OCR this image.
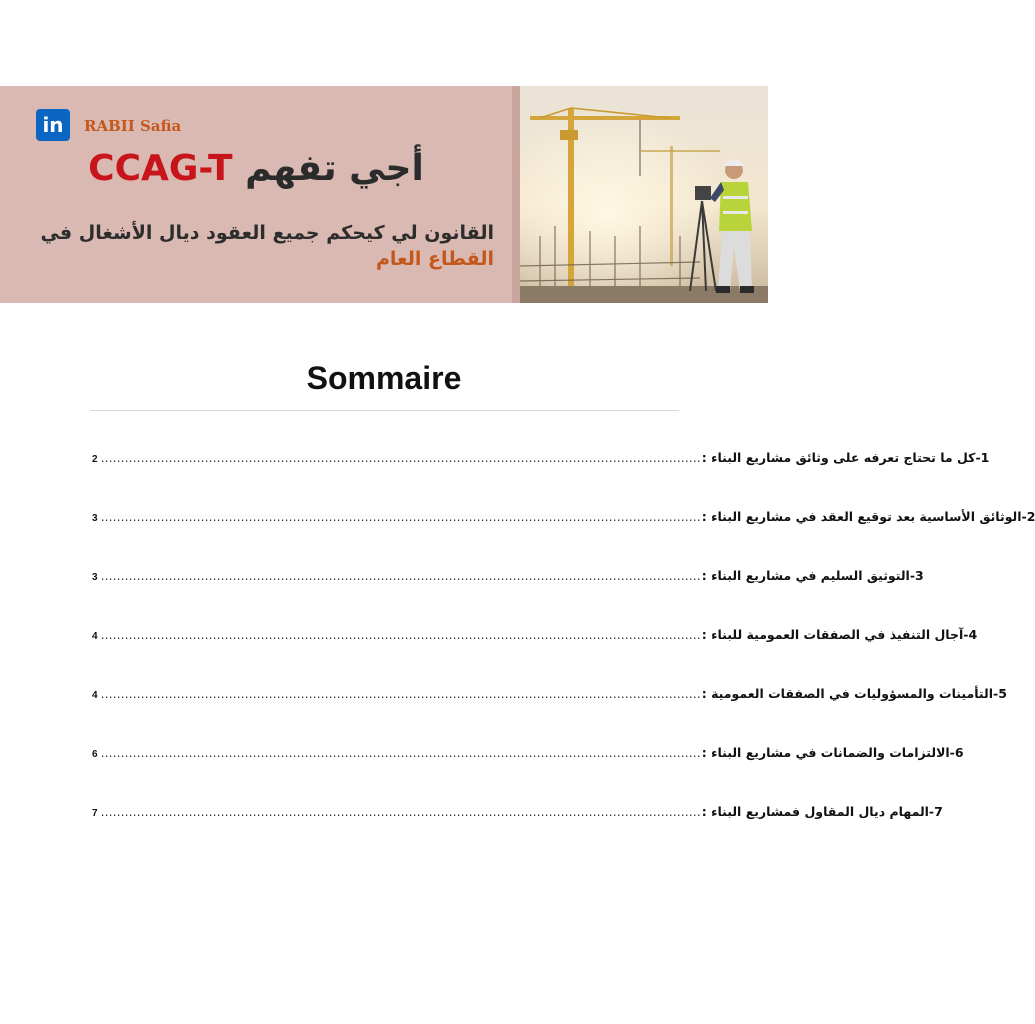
in	RABII Safia
أجي تفهم CCAG-T
القانون لي كيحكم جميع العقود ديال الأشغال في القطاع العام
Sommaire
2 ...................................................................................................................................................... 1-كل ما تحتاج تعرفه على وثائق مشاريع البناء :
3 ...................................................................................................................................................... 2-الوثائق الأساسية بعد توقيع العقد في مشاريع البناء :
3 ...................................................................................................................................................... 3-التوثيق السليم في مشاريع البناء :
4 ...................................................................................................................................................... 4-آجال التنفيذ في الصفقات العمومية للبناء :
4 ...................................................................................................................................................... 5-التأمينات والمسؤوليات في الصفقات العمومية :
6 ...................................................................................................................................................... 6-الالتزامات والضمانات في مشاريع البناء :
7 ...................................................................................................................................................... 7-المهام ديال المقاول فمشاريع البناء :
